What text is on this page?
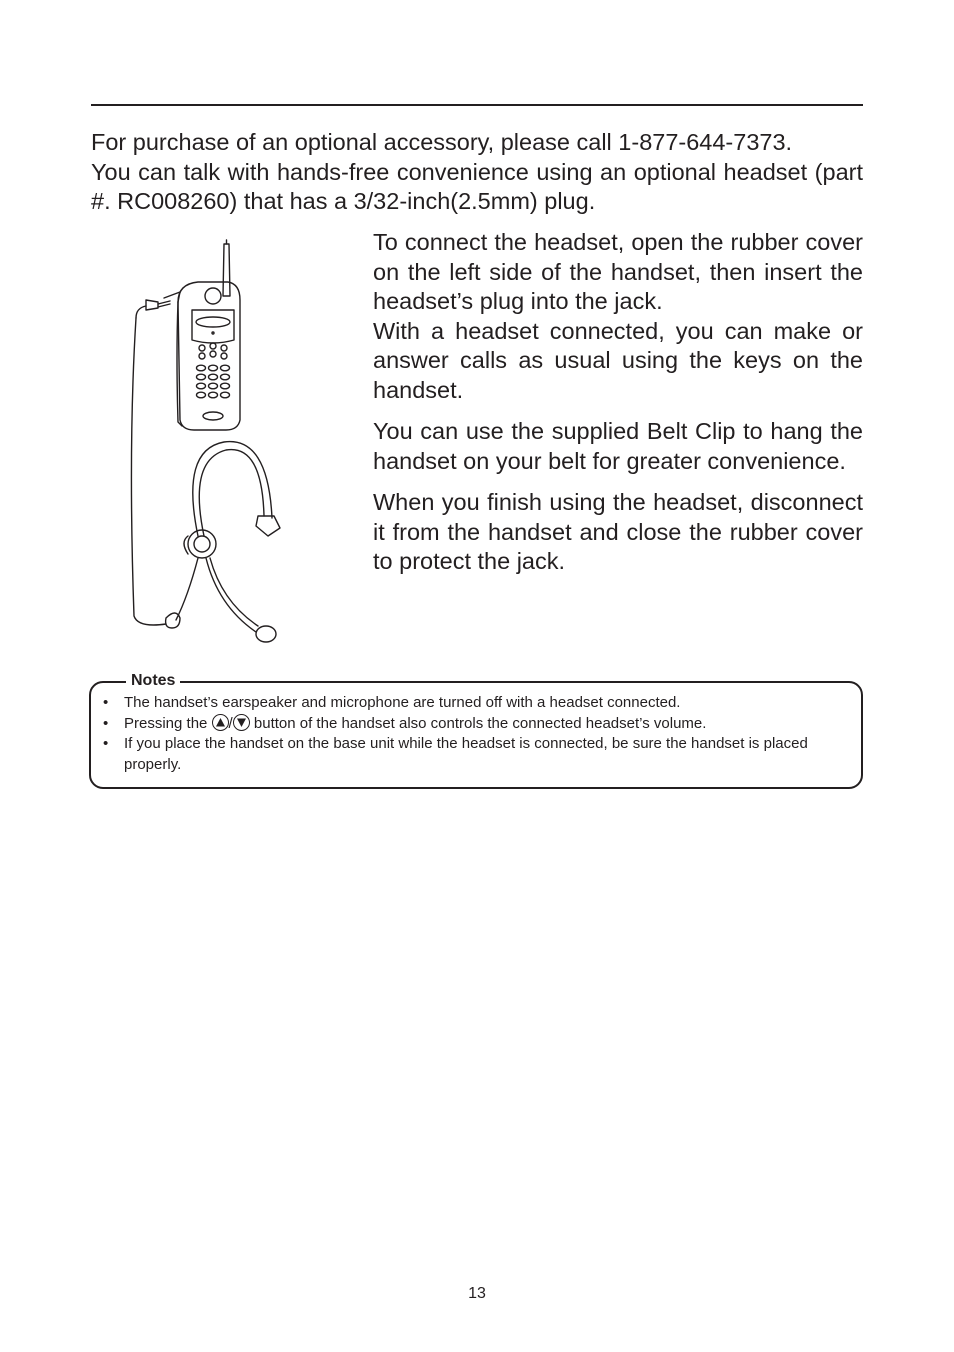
For purchase of an optional accessory, please call 1-877-644-7373.

You can talk with hands-free convenience using an optional headset (part #. RC008260) that has a 3/32-inch(2.5mm) plug.

To connect the headset, open the rubber cover on the left side of the handset, then insert the headset’s plug into the jack.

With a headset connected, you can make or answer calls as usual using the keys on the handset.

You can use the supplied Belt Clip to hang the handset on your belt for greater convenience.

When you finish using the headset, disconnect it from the handset and close the rubber cover to protect the jack.

Notes
• The handset’s earspeaker and microphone are turned off with a headset connected.
• Pressing the
/
button of the handset also controls the connected headset’s volume.
• If you place the handset on the base unit while the headset is connected, be sure the handset is placed properly.
13
